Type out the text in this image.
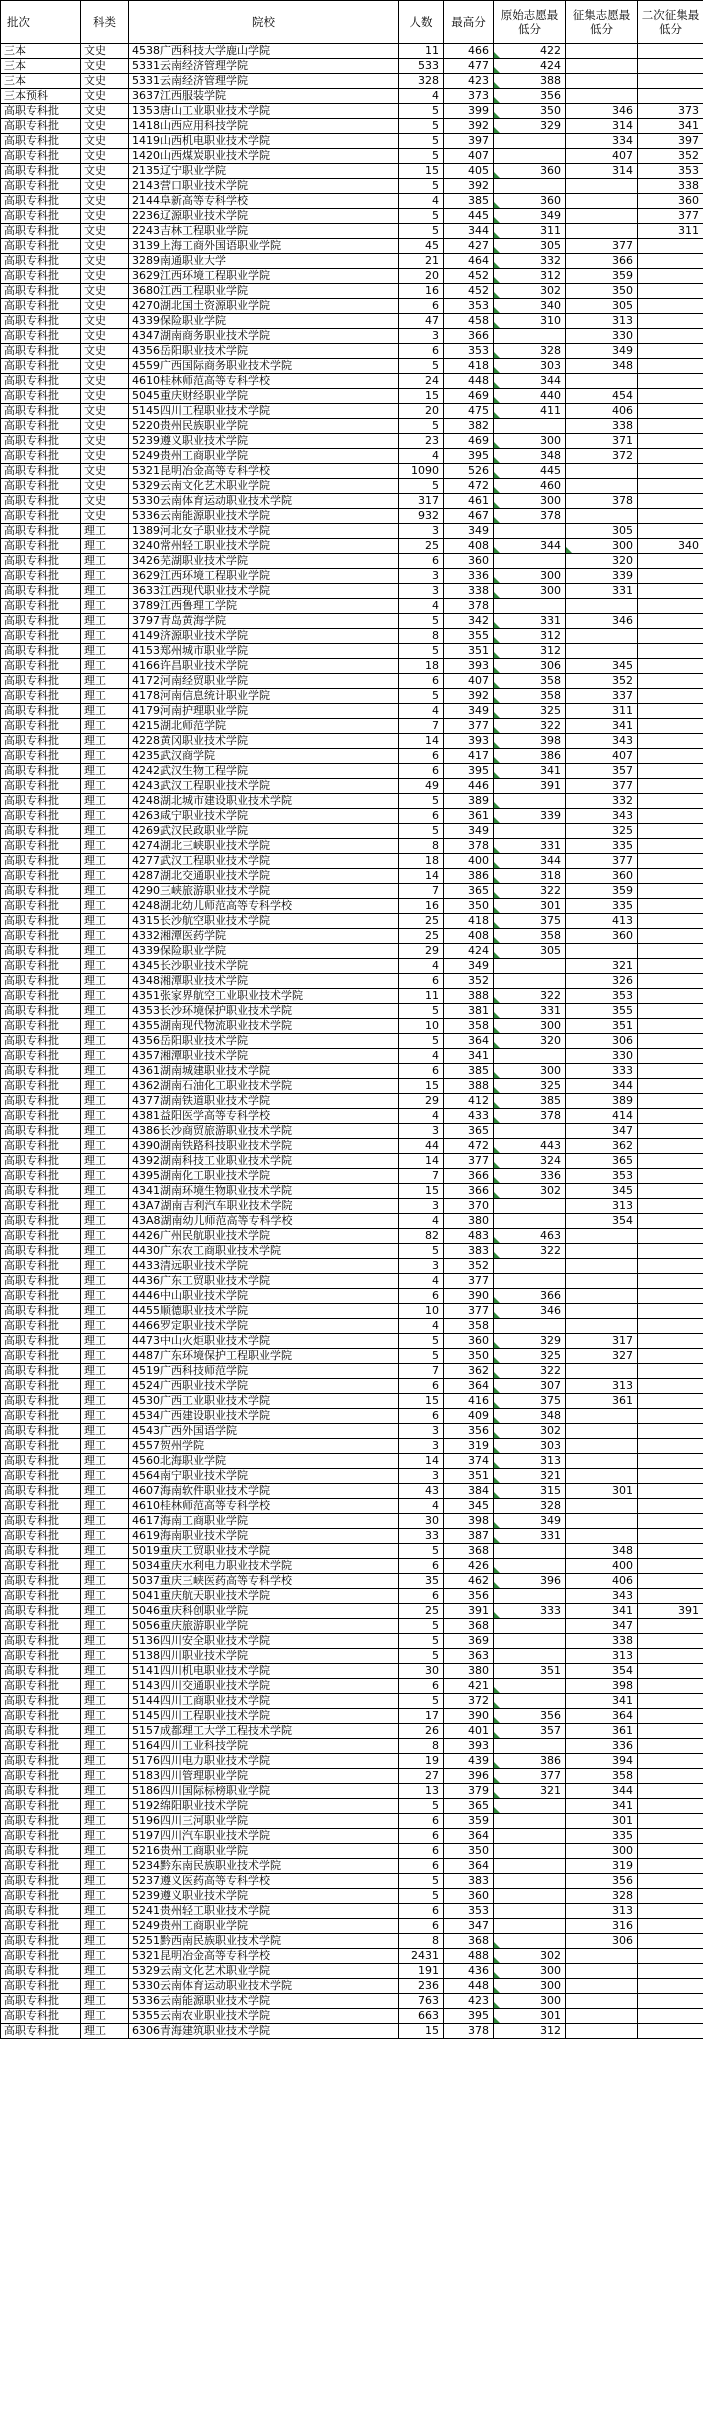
批次	科类	院校	人数	最高分	原始志愿最低分	征集志愿最低分	二次征集最低分
三本	文史	4538广西科技大学鹿山学院	11	466	422		
三本	文史	5331云南经济管理学院	533	477	424		
三本	文史	5331云南经济管理学院	328	423	388		
三本预科	文史	3637江西服装学院	4	373	356		
高职专科批	文史	1353唐山工业职业技术学院	5	399	350	346	373
高职专科批	文史	1418山西应用科技学院	5	392	329	314	341
高职专科批	文史	1419山西机电职业技术学院	5	397		334	397
高职专科批	文史	1420山西煤炭职业技术学院	5	407		407	352
高职专科批	文史	2135辽宁职业学院	15	405	360	314	353
高职专科批	文史	2143营口职业技术学院	5	392			338
高职专科批	文史	2144阜新高等专科学校	4	385	360		360
高职专科批	文史	2236辽源职业技术学院	5	445	349		377
高职专科批	文史	2243吉林工程职业学院	5	344	311		311
高职专科批	文史	3139上海工商外国语职业学院	45	427	305	377	
高职专科批	文史	3289南通职业大学	21	464	332	366	
高职专科批	文史	3629江西环境工程职业学院	20	452	312	359	
高职专科批	文史	3680江西工程职业学院	16	452	302	350	
高职专科批	文史	4270湖北国土资源职业学院	6	353	340	305	
高职专科批	文史	4339保险职业学院	47	458	310	313	
高职专科批	文史	4347湖南商务职业技术学院	3	366		330	
高职专科批	文史	4356岳阳职业技术学院	6	353	328	349	
高职专科批	文史	4559广西国际商务职业技术学院	5	418	303	348	
高职专科批	文史	4610桂林师范高等专科学校	24	448	344		
高职专科批	文史	5045重庆财经职业学院	15	469	440	454	
高职专科批	文史	5145四川工程职业技术学院	20	475	411	406	
高职专科批	文史	5220贵州民族职业学院	5	382		338	
高职专科批	文史	5239遵义职业技术学院	23	469	300	371	
高职专科批	文史	5249贵州工商职业学院	4	395	348	372	
高职专科批	文史	5321昆明冶金高等专科学校	1090	526	445		
高职专科批	文史	5329云南文化艺术职业学院	5	472	460		
高职专科批	文史	5330云南体育运动职业技术学院	317	461	300	378	
高职专科批	文史	5336云南能源职业技术学院	932	467	378		
高职专科批	理工	1389河北女子职业技术学院	3	349		305	
高职专科批	理工	3240常州轻工职业技术学院	25	408	344	300	340
高职专科批	理工	3426芜湖职业技术学院	6	360		320	
高职专科批	理工	3629江西环境工程职业学院	3	336	300	339	
高职专科批	理工	3633江西现代职业技术学院	3	338	300	331	
高职专科批	理工	3789江西鲁理工学院	4	378			
高职专科批	理工	3797青岛黄海学院	5	342	331	346	
高职专科批	理工	4149济源职业技术学院	8	355	312		
高职专科批	理工	4153郑州城市职业学院	5	351	312		
高职专科批	理工	4166许昌职业技术学院	18	393	306	345	
高职专科批	理工	4172河南经贸职业学院	6	407	358	352	
高职专科批	理工	4178河南信息统计职业学院	5	392	358	337	
高职专科批	理工	4179河南护理职业学院	4	349	325	311	
高职专科批	理工	4215湖北师范学院	7	377	322	341	
高职专科批	理工	4228黄冈职业技术学院	14	393	398	343	
高职专科批	理工	4235武汉商学院	6	417	386	407	
高职专科批	理工	4242武汉生物工程学院	6	395	341	357	
高职专科批	理工	4243武汉工程职业技术学院	49	446	391	377	
高职专科批	理工	4248湖北城市建设职业技术学院	5	389		332	
高职专科批	理工	4263咸宁职业技术学院	6	361	339	343	
高职专科批	理工	4269武汉民政职业学院	5	349		325	
高职专科批	理工	4274湖北三峡职业技术学院	8	378	331	335	
高职专科批	理工	4277武汉工程职业技术学院	18	400	344	377	
高职专科批	理工	4287湖北交通职业技术学院	14	386	318	360	
高职专科批	理工	4290三峡旅游职业技术学院	7	365	322	359	
高职专科批	理工	4248湖北幼儿师范高等专科学校	16	350	301	335	
高职专科批	理工	4315长沙航空职业技术学院	25	418	375	413	
高职专科批	理工	4332湘潭医药学院	25	408	358	360	
高职专科批	理工	4339保险职业学院	29	424	305		
高职专科批	理工	4345长沙职业技术学院	4	349		321	
高职专科批	理工	4348湘潭职业技术学院	6	352		326	
高职专科批	理工	4351张家界航空工业职业技术学院	11	388	322	353	
高职专科批	理工	4353长沙环境保护职业技术学院	5	381	331	355	
高职专科批	理工	4355湖南现代物流职业技术学院	10	358	300	351	
高职专科批	理工	4356岳阳职业技术学院	5	364	320	306	
高职专科批	理工	4357湘潭职业技术学院	4	341		330	
高职专科批	理工	4361湖南城建职业技术学院	6	385	300	333	
高职专科批	理工	4362湖南石油化工职业技术学院	15	388	325	344	
高职专科批	理工	4377湖南铁道职业技术学院	29	412	385	389	
高职专科批	理工	4381益阳医学高等专科学校	4	433	378	414	
高职专科批	理工	4386长沙商贸旅游职业技术学院	3	365		347	
高职专科批	理工	4390湖南铁路科技职业技术学院	44	472	443	362	
高职专科批	理工	4392湖南科技工业职业技术学院	14	377	324	365	
高职专科批	理工	4395湖南化工职业技术学院	7	366	336	353	
高职专科批	理工	4341湖南环境生物职业技术学院	15	366	302	345	
高职专科批	理工	43A7湖南吉利汽车职业技术学院	3	370		313	
高职专科批	理工	43A8湖南幼儿师范高等专科学校	4	380		354	
高职专科批	理工	4426广州民航职业技术学院	82	483	463		
高职专科批	理工	4430广东农工商职业技术学院	5	383	322		
高职专科批	理工	4433清远职业技术学院	3	352			
高职专科批	理工	4436广东工贸职业技术学院	4	377			
高职专科批	理工	4446中山职业技术学院	6	390	366		
高职专科批	理工	4455顺德职业技术学院	10	377	346		
高职专科批	理工	4466罗定职业技术学院	4	358			
高职专科批	理工	4473中山火炬职业技术学院	5	360	329	317	
高职专科批	理工	4487广东环境保护工程职业学院	5	350	325	327	
高职专科批	理工	4519广西科技师范学院	7	362	322		
高职专科批	理工	4524广西职业技术学院	6	364	307	313	
高职专科批	理工	4530广西工业职业技术学院	15	416	375	361	
高职专科批	理工	4534广西建设职业技术学院	6	409	348		
高职专科批	理工	4543广西外国语学院	3	356	302		
高职专科批	理工	4557贺州学院	3	319	303		
高职专科批	理工	4560北海职业学院	14	374	313		
高职专科批	理工	4564南宁职业技术学院	3	351	321		
高职专科批	理工	4607海南软件职业技术学院	43	384	315	301	
高职专科批	理工	4610桂林师范高等专科学校	4	345	328		
高职专科批	理工	4617海南工商职业学院	30	398	349		
高职专科批	理工	4619海南职业技术学院	33	387	331		
高职专科批	理工	5019重庆工贸职业技术学院	5	368		348	
高职专科批	理工	5034重庆水利电力职业技术学院	6	426		400	
高职专科批	理工	5037重庆三峡医药高等专科学校	35	462	396	406	
高职专科批	理工	5041重庆航天职业技术学院	6	356		343	
高职专科批	理工	5046重庆科创职业学院	25	391	333	341	391
高职专科批	理工	5056重庆旅游职业学院	5	368		347	
高职专科批	理工	5136四川安全职业技术学院	5	369		338	
高职专科批	理工	5138四川职业技术学院	5	363		313	
高职专科批	理工	5141四川机电职业技术学院	30	380	351	354	
高职专科批	理工	5143四川交通职业技术学院	6	421		398	
高职专科批	理工	5144四川工商职业技术学院	5	372		341	
高职专科批	理工	5145四川工程职业技术学院	17	390	356	364	
高职专科批	理工	5157成都理工大学工程技术学院	26	401	357	361	
高职专科批	理工	5164四川工业科技学院	8	393		336	
高职专科批	理工	5176四川电力职业技术学院	19	439	386	394	
高职专科批	理工	5183四川管理职业学院	27	396	377	358	
高职专科批	理工	5186四川国际标榜职业学院	13	379	321	344	
高职专科批	理工	5192绵阳职业技术学院	5	365		341	
高职专科批	理工	5196四川三河职业学院	6	359		301	
高职专科批	理工	5197四川汽车职业技术学院	6	364		335	
高职专科批	理工	5216贵州工商职业学院	6	350		300	
高职专科批	理工	5234黔东南民族职业技术学院	6	364		319	
高职专科批	理工	5237遵义医药高等专科学校	5	383		356	
高职专科批	理工	5239遵义职业技术学院	5	360		328	
高职专科批	理工	5241贵州轻工职业技术学院	6	353		313	
高职专科批	理工	5249贵州工商职业学院	6	347		316	
高职专科批	理工	5251黔西南民族职业技术学院	8	368		306	
高职专科批	理工	5321昆明冶金高等专科学校	2431	488	302		
高职专科批	理工	5329云南文化艺术职业学院	191	436	300		
高职专科批	理工	5330云南体育运动职业技术学院	236	448	300		
高职专科批	理工	5336云南能源职业技术学院	763	423	300		
高职专科批	理工	5355云南农业职业技术学院	663	395	301		
高职专科批	理工	6306青海建筑职业技术学院	15	378	312		
